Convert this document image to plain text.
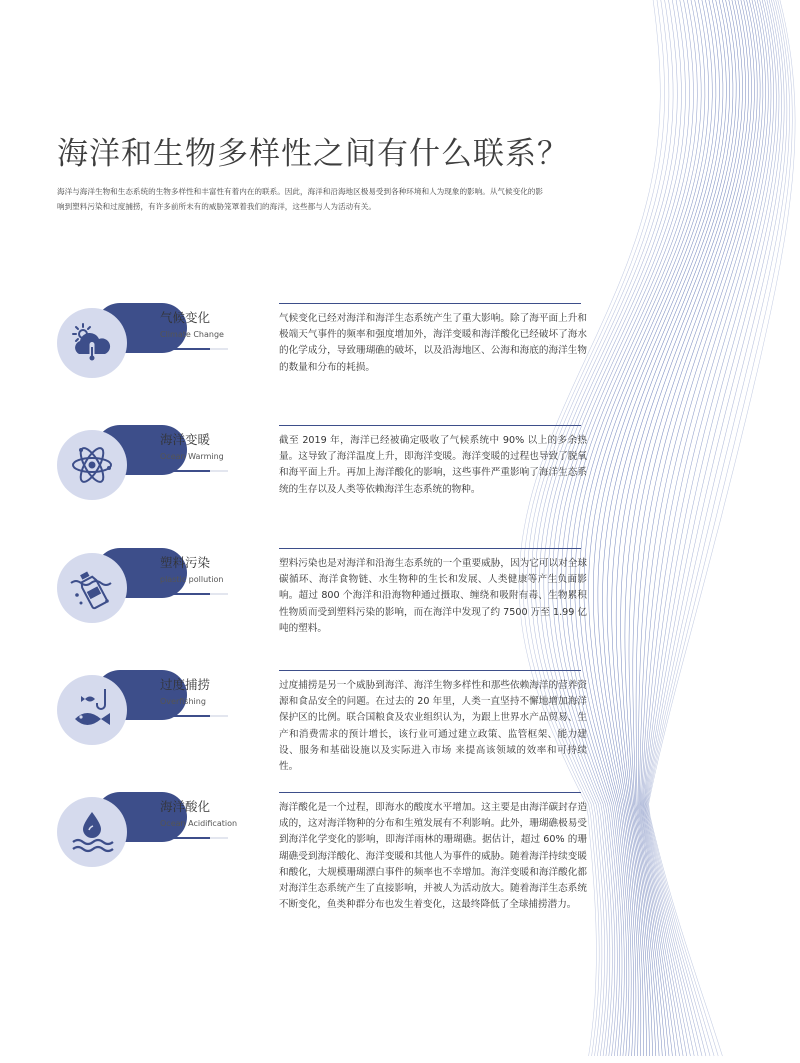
海洋和生物多样性之间有什么联系？

海洋与海洋生物和生态系统的生物多样性和丰富性有着内在的联系。因此，海洋和沿海地区极易受到各种环境和人为现象的影响。从气候变化的影响到塑料污染和过度捕捞，有许多前所未有的威胁笼罩着我们的海洋，这些都与人为活动有关。

气候变化
Climate Change

气候变化已经对海洋和海洋生态系统产生了重大影响。除了海平面上升和极端天气事件的频率和强度增加外，海洋变暖和海洋酸化已经破坏了海水的化学成分，导致珊瑚礁的破坏，以及沿海地区、公海和海底的海洋生物的数量和分布的耗损。

海洋变暖
Ocean Warming

截至 2019 年，海洋已经被确定吸收了气候系统中 90% 以上的多余热量。这导致了海洋温度上升，即海洋变暖。海洋变暖的过程也导致了脱氧和海平面上升。再加上海洋酸化的影响，这些事件严重影响了海洋生态系统的生存以及人类等依赖海洋生态系统的物种。

塑料污染
plastic pollution

塑料污染也是对海洋和沿海生态系统的一个重要威胁，因为它可以对全球碳循环、海洋食物链、水生物种的生长和发展、人类健康等产生负面影响。超过 800 个海洋和沿海物种通过摄取、缠绕和吸附有毒、生物累积性物质而受到塑料污染的影响，而在海洋中发现了约 7500 万至 1.99 亿吨的塑料。

过度捕捞
Overfishing

过度捕捞是另一个威胁到海洋、海洋生物多样性和那些依赖海洋的营养资源和食品安全的问题。在过去的 20 年里，人类一直坚持不懈地增加海洋保护区的比例。联合国粮食及农业组织认为，为跟上世界水产品贸易、生产和消费需求的预计增长，该行业可通过建立政策、监管框架、能力建设、服务和基础设施以及实际进入市场 来提高该领域的效率和可持续性。

海洋酸化
Ocean Acidification

海洋酸化是一个过程，即海水的酸度水平增加。这主要是由海洋碳封存造成的，这对海洋物种的分布和生殖发展有不利影响。此外，珊瑚礁极易受到海洋化学变化的影响，即海洋雨林的珊瑚礁。据估计，超过 60% 的珊瑚礁受到海洋酸化、海洋变暖和其他人为事件的威胁。随着海洋持续变暖和酸化，大规模珊瑚漂白事件的频率也不幸增加。海洋变暖和海洋酸化都对海洋生态系统产生了直接影响，并被人为活动放大。随着海洋生态系统不断变化，鱼类种群分布也发生着变化，这最终降低了全球捕捞潜力。
